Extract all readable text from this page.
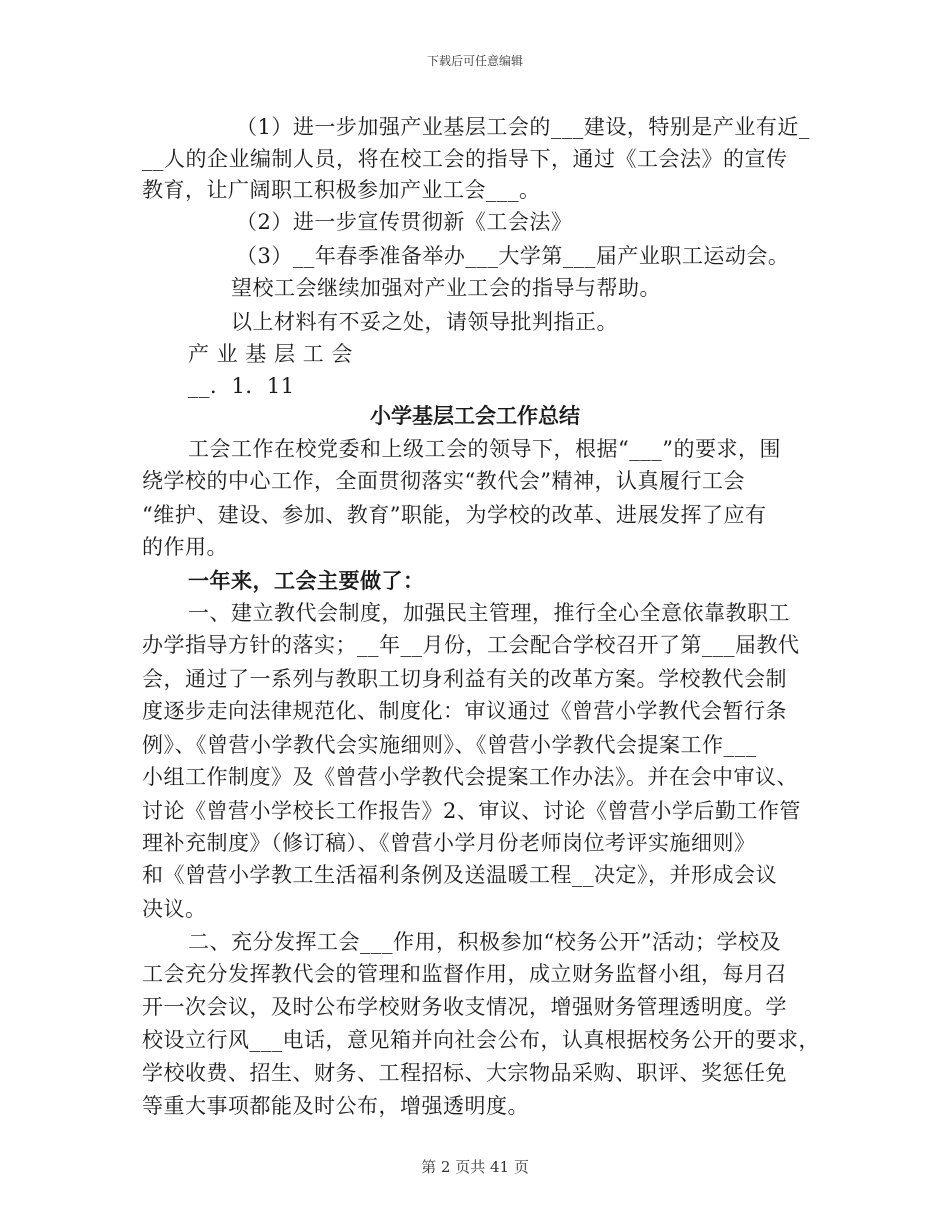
下载后可任意编辑
（1）进一步加强产业基层工会的___建设，特别是产业有近_
__人的企业编制人员，将在校工会的指导下，通过《工会法》的宣传
教育，让广阔职工积极参加产业工会___。
（2）进一步宣传贯彻新《工会法》
（3）__年春季准备举办___大学第___届产业职工运动会。
望校工会继续加强对产业工会的指导与帮助。
以上材料有不妥之处，请领导批判指正。
产 业 基 层 工 会
__．1．11
小学基层工会工作总结
工会工作在校党委和上级工会的领导下，根据“___”的要求，围
绕学校的中心工作，全面贯彻落实“教代会”精神，认真履行工会
“维护、建设、参加、教育”职能，为学校的改革、进展发挥了应有
的作用。
一年来，工会主要做了：
一、建立教代会制度，加强民主管理，推行全心全意依靠教职工
办学指导方针的落实；__年__月份，工会配合学校召开了第___届教代
会，通过了一系列与教职工切身利益有关的改革方案。学校教代会制
度逐步走向法律规范化、制度化：审议通过《曾营小学教代会暂行条
例》、《曾营小学教代会实施细则》、《曾营小学教代会提案工作___
小组工作制度》及《曾营小学教代会提案工作办法》。并在会中审议、
讨论《曾营小学校长工作报告》2、审议、讨论《曾营小学后勤工作管
理补充制度》（修订稿）、《曾营小学月份老师岗位考评实施细则》
和《曾营小学教工生活福利条例及送温暖工程__决定》，并形成会议
决议。
二、充分发挥工会___作用，积极参加“校务公开”活动；学校及
工会充分发挥教代会的管理和监督作用，成立财务监督小组，每月召
开一次会议，及时公布学校财务收支情况，增强财务管理透明度。学
校设立行风___电话，意见箱并向社会公布，认真根据校务公开的要求，
学校收费、招生、财务、工程招标、大宗物品采购、职评、奖惩任免
等重大事项都能及时公布，增强透明度。
第 2 页共 41 页
